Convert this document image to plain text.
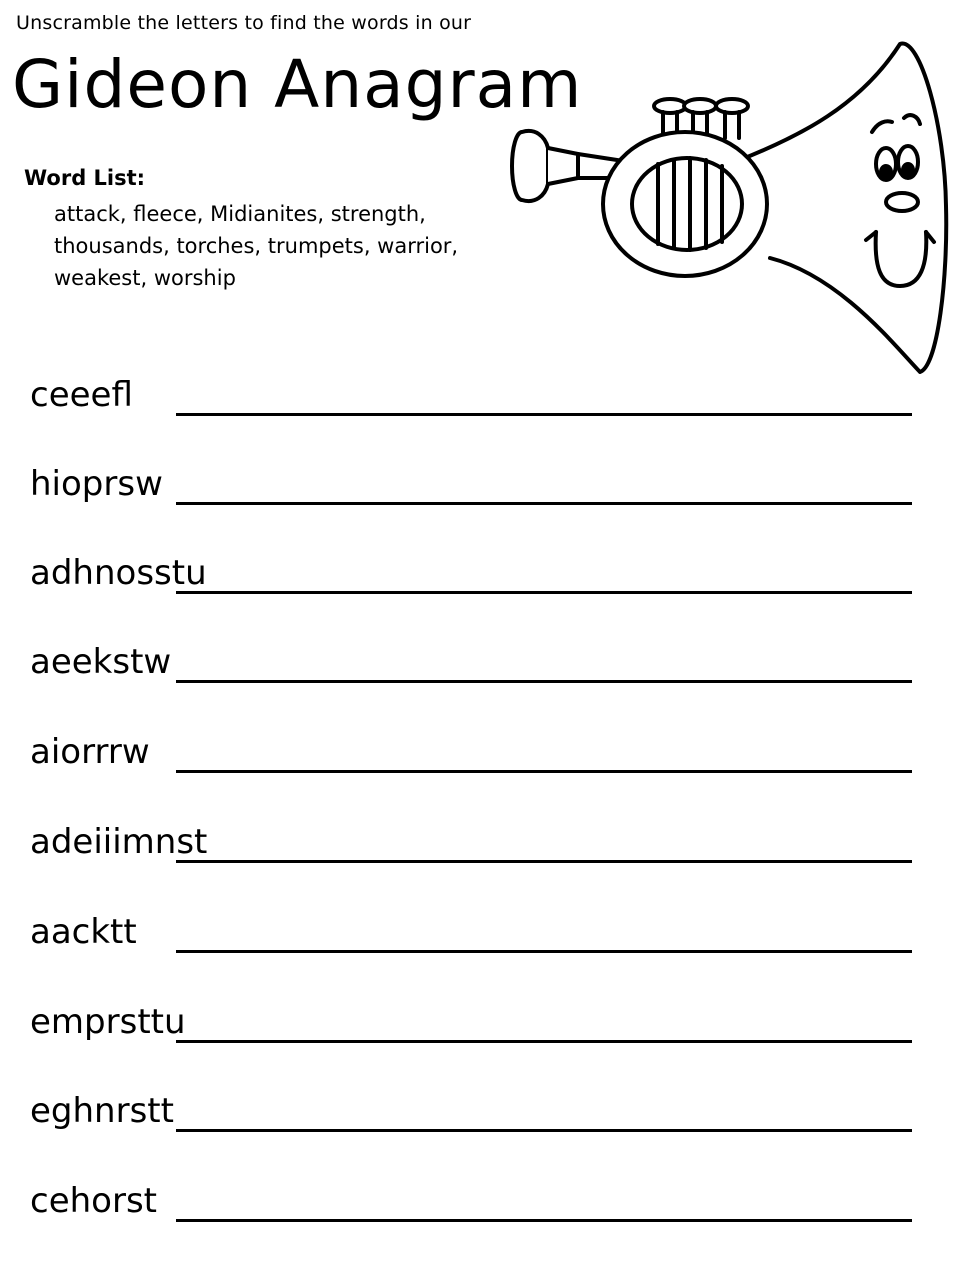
Unscramble the letters to find the words in our
Gideon Anagram
Word List:
attack, fleece, Midianites, strength,
thousands, torches, trumpets, warrior,
weakest, worship
ceeefl
hioprsw
adhnosstu
aeekstw
aiorrrw
adeiiimnst
aacktt
emprsttu
eghnrstt
cehorst
